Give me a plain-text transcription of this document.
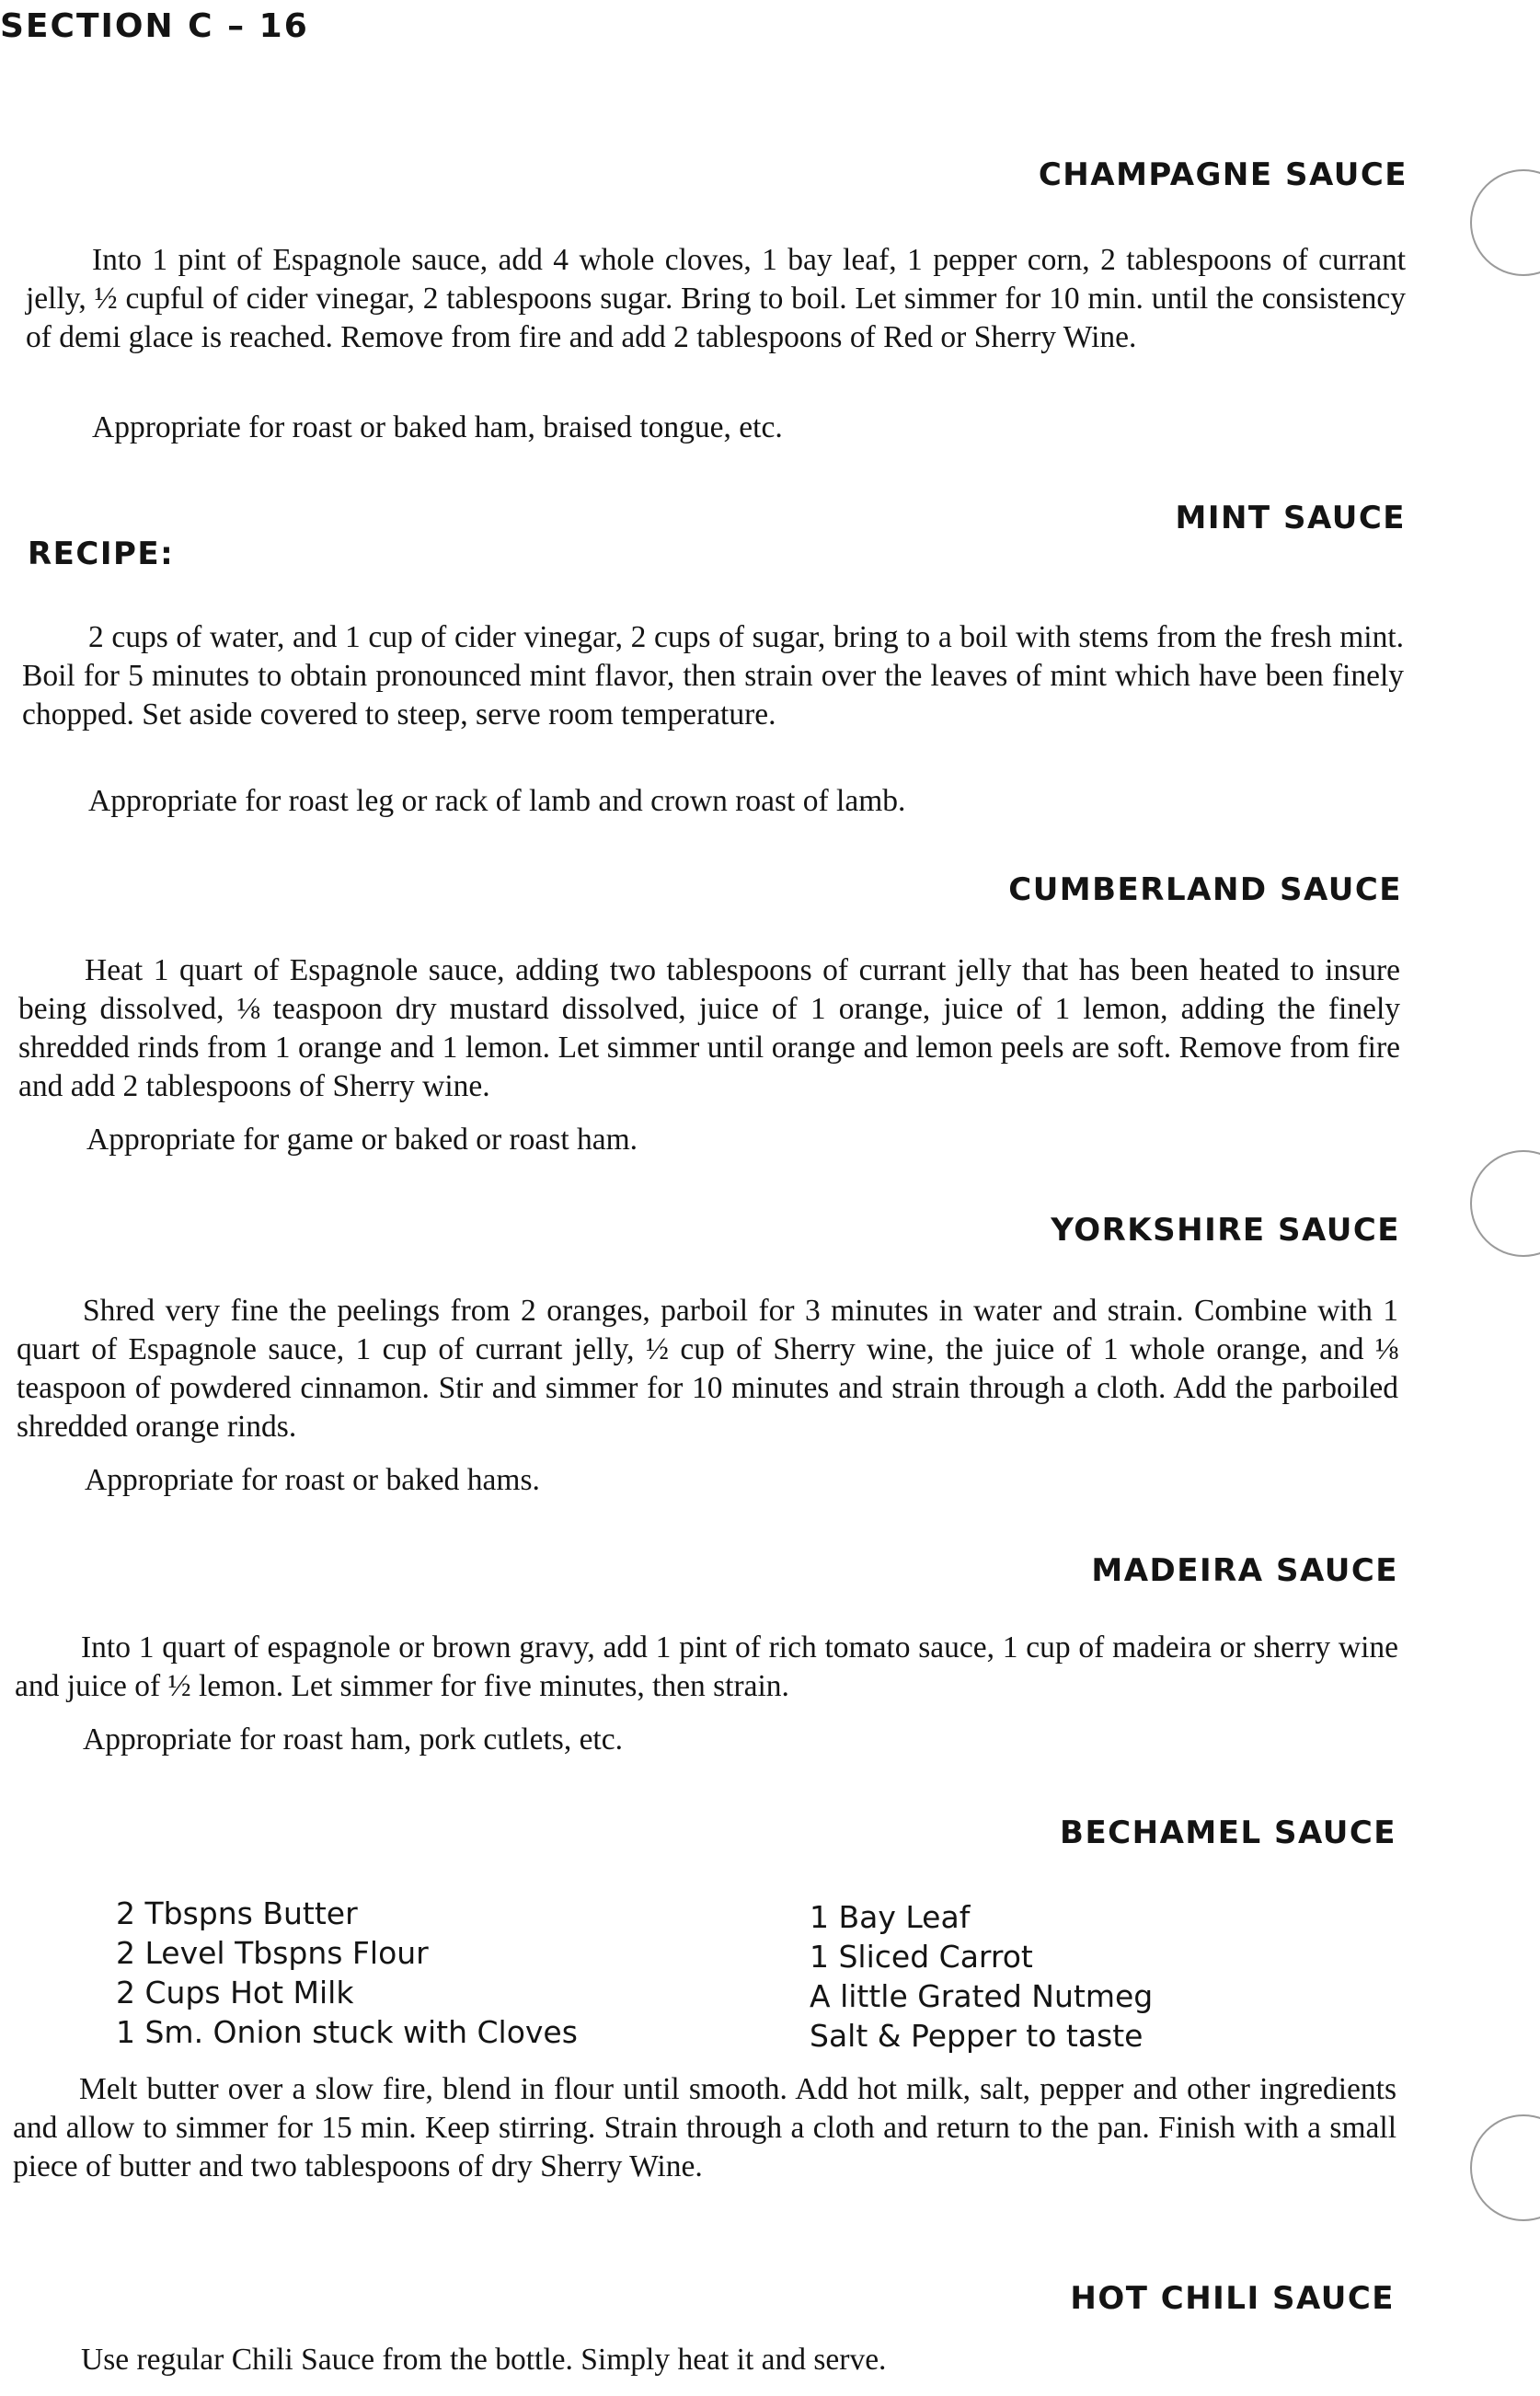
SECTION C – 16
CHAMPAGNE SAUCE

Into 1 pint of Espagnole sauce, add 4 whole cloves, 1 bay leaf, 1 pepper corn, 2 tablespoons of currant jelly, ½ cupful of cider vinegar, 2 tablespoons sugar. Bring to boil. Let simmer for 10 min. until the consistency of demi glace is reached. Remove from fire and add 2 tablespoons of Red or Sherry Wine.

Appropriate for roast or baked ham, braised tongue, etc.

MINT SAUCE
RECIPE:

2 cups of water, and 1 cup of cider vinegar, 2 cups of sugar, bring to a boil with stems from the fresh mint. Boil for 5 minutes to obtain pronounced mint flavor, then strain over the leaves of mint which have been finely chopped. Set aside covered to steep, serve room temperature.

Appropriate for roast leg or rack of lamb and crown roast of lamb.

CUMBERLAND SAUCE

Heat 1 quart of Espagnole sauce, adding two tablespoons of currant jelly that has been heated to insure being dissolved, ⅛ teaspoon dry mustard dissolved, juice of 1 orange, juice of 1 lemon, adding the finely shredded rinds from 1 orange and 1 lemon. Let simmer until orange and lemon peels are soft. Remove from fire and add 2 tablespoons of Sherry wine.

Appropriate for game or baked or roast ham.

YORKSHIRE SAUCE

Shred very fine the peelings from 2 oranges, parboil for 3 minutes in water and strain. Combine with 1 quart of Espagnole sauce, 1 cup of currant jelly, ½ cup of Sherry wine, the juice of 1 whole orange, and ⅛ teaspoon of powdered cinnamon. Stir and simmer for 10 minutes and strain through a cloth. Add the parboiled shredded orange rinds.

Appropriate for roast or baked hams.

MADEIRA SAUCE

Into 1 quart of espagnole or brown gravy, add 1 pint of rich tomato sauce, 1 cup of madeira or sherry wine and juice of ½ lemon. Let simmer for five minutes, then strain.

Appropriate for roast ham, pork cutlets, etc.

BECHAMEL SAUCE
2 Tbspns Butter
2 Level Tbspns Flour
2 Cups Hot Milk
1 Sm. Onion stuck with Cloves
1 Bay Leaf
1 Sliced Carrot
A little Grated Nutmeg
Salt & Pepper to taste

Melt butter over a slow fire, blend in flour until smooth. Add hot milk, salt, pepper and other ingredients and allow to simmer for 15 min. Keep stirring. Strain through a cloth and return to the pan. Finish with a small piece of butter and two tablespoons of dry Sherry Wine.

HOT CHILI SAUCE

Use regular Chili Sauce from the bottle. Simply heat it and serve.
